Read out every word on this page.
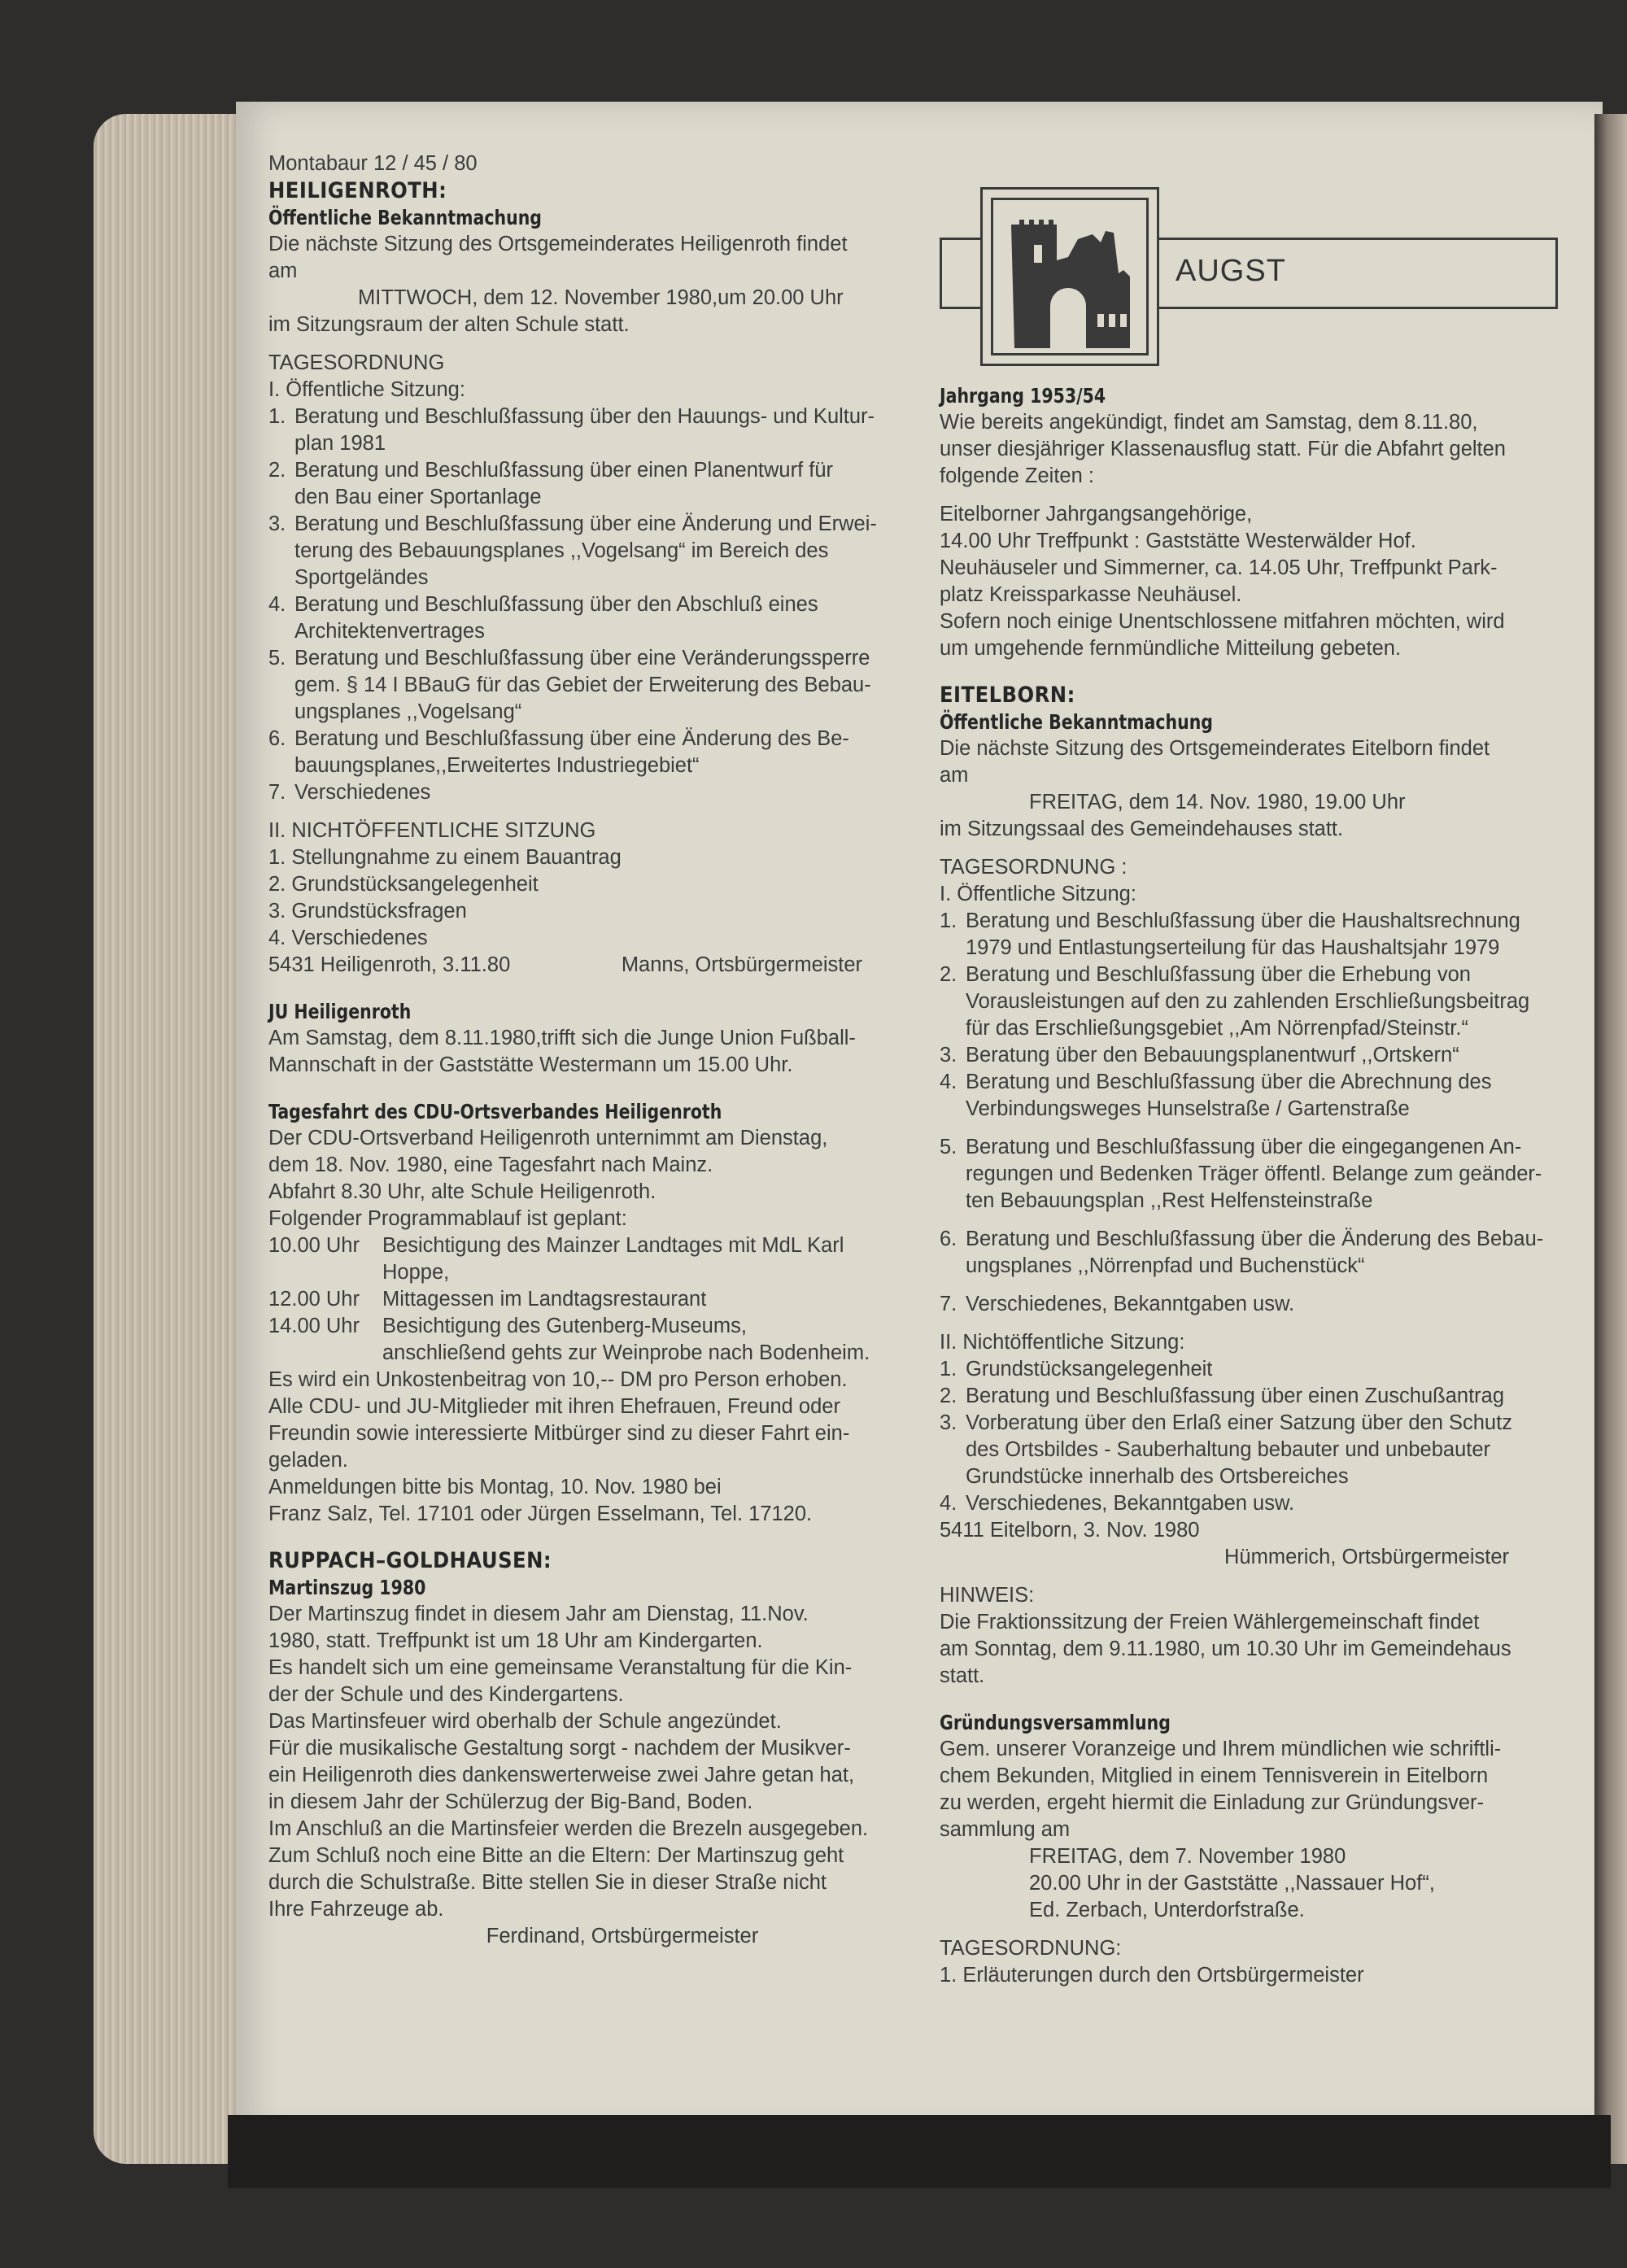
Montabaur 12 / 45 / 80
HEILIGENROTH:
Öffentliche Bekanntmachung
Die nächste Sitzung des Ortsgemeinderates Heiligenroth findet
am
MITTWOCH, dem 12. November 1980,um 20.00 Uhr
im Sitzungsraum der alten Schule statt.
TAGESORDNUNG
I. Öffentliche Sitzung:
1. Beratung und Beschlußfassung über den Hauungs- und Kultur-
plan 1981
2. Beratung und Beschlußfassung über einen Planentwurf für
den Bau einer Sportanlage
3. Beratung und Beschlußfassung über eine Änderung und Erwei-
terung des Bebauungsplanes ,,Vogelsang“ im Bereich des
Sportgeländes
4. Beratung und Beschlußfassung über den Abschluß eines
Architektenvertrages
5. Beratung und Beschlußfassung über eine Veränderungssperre
gem. § 14 I BBauG für das Gebiet der Erweiterung des Bebau-
ungsplanes ,,Vogelsang“
6. Beratung und Beschlußfassung über eine Änderung des Be-
bauungsplanes,,Erweitertes Industriegebiet“
7. Verschiedenes
II. NICHTÖFFENTLICHE SITZUNG
1. Stellungnahme zu einem Bauantrag
2. Grundstücksangelegenheit
3. Grundstücksfragen
4. Verschiedenes
5431 Heiligenroth, 3.11.80	Manns, Ortsbürgermeister
JU Heiligenroth
Am Samstag, dem 8.11.1980,trifft sich die Junge Union Fußball-
Mannschaft in der Gaststätte Westermann um 15.00 Uhr.
Tagesfahrt des CDU-Ortsverbandes Heiligenroth
Der CDU-Ortsverband Heiligenroth unternimmt am Dienstag,
dem 18. Nov. 1980, eine Tagesfahrt nach Mainz.
Abfahrt 8.30 Uhr, alte Schule Heiligenroth.
Folgender Programmablauf ist geplant:
10.00 Uhr	Besichtigung des Mainzer Landtages mit MdL Karl
Hoppe,
12.00 Uhr	Mittagessen im Landtagsrestaurant
14.00 Uhr	Besichtigung des Gutenberg-Museums,
anschließend gehts zur Weinprobe nach Bodenheim.
Es wird ein Unkostenbeitrag von 10,-- DM pro Person erhoben.
Alle CDU- und JU-Mitglieder mit ihren Ehefrauen, Freund oder
Freundin sowie interessierte Mitbürger sind zu dieser Fahrt ein-
geladen.
Anmeldungen bitte bis Montag, 10. Nov. 1980 bei
Franz Salz, Tel. 17101 oder Jürgen Esselmann, Tel. 17120.
RUPPACH–GOLDHAUSEN:
Martinszug 1980
Der Martinszug findet in diesem Jahr am Dienstag, 11.Nov.
1980, statt. Treffpunkt ist um 18 Uhr am Kindergarten.
Es handelt sich um eine gemeinsame Veranstaltung für die Kin-
der der Schule und des Kindergartens.
Das Martinsfeuer wird oberhalb der Schule angezündet.
Für die musikalische Gestaltung sorgt - nachdem der Musikver-
ein Heiligenroth dies dankenswerterweise zwei Jahre getan hat,
in diesem Jahr der Schülerzug der Big-Band, Boden.
Im Anschluß an die Martinsfeier werden die Brezeln ausgegeben.
Zum Schluß noch eine Bitte an die Eltern: Der Martinszug geht
durch die Schulstraße. Bitte stellen Sie in dieser Straße nicht
Ihre Fahrzeuge ab.
Ferdinand, Ortsbürgermeister
AUGST
Jahrgang 1953/54
Wie bereits angekündigt, findet am Samstag, dem 8.11.80,
unser diesjähriger Klassenausflug statt. Für die Abfahrt gelten
folgende Zeiten :
Eitelborner Jahrgangsangehörige,
14.00 Uhr Treffpunkt : Gaststätte Westerwälder Hof.
Neuhäuseler und Simmerner, ca. 14.05 Uhr, Treffpunkt Park-
platz Kreissparkasse Neuhäusel.
Sofern noch einige Unentschlossene mitfahren möchten, wird
um umgehende fernmündliche Mitteilung gebeten.
EITELBORN:
Öffentliche Bekanntmachung
Die nächste Sitzung des Ortsgemeinderates Eitelborn findet
am
FREITAG, dem 14. Nov. 1980, 19.00 Uhr
im Sitzungssaal des Gemeindehauses statt.
TAGESORDNUNG :
I. Öffentliche Sitzung:
1. Beratung und Beschlußfassung über die Haushaltsrechnung
1979 und Entlastungserteilung für das Haushaltsjahr 1979
2. Beratung und Beschlußfassung über die Erhebung von
Vorausleistungen auf den zu zahlenden Erschließungsbeitrag
für das Erschließungsgebiet ,,Am Nörrenpfad/Steinstr.“
3. Beratung über den Bebauungsplanentwurf ,,Ortskern“
4. Beratung und Beschlußfassung über die Abrechnung des
Verbindungsweges Hunselstraße / Gartenstraße
5. Beratung und Beschlußfassung über die eingegangenen An-
regungen und Bedenken Träger öffentl. Belange zum geänder-
ten Bebauungsplan ,,Rest Helfensteinstraße
6. Beratung und Beschlußfassung über die Änderung des Bebau-
ungsplanes ,,Nörrenpfad und Buchenstück“
7. Verschiedenes, Bekanntgaben usw.
II. Nichtöffentliche Sitzung:
1. Grundstücksangelegenheit
2. Beratung und Beschlußfassung über einen Zuschußantrag
3. Vorberatung über den Erlaß einer Satzung über den Schutz
des Ortsbildes - Sauberhaltung bebauter und unbebauter
Grundstücke innerhalb des Ortsbereiches
4. Verschiedenes, Bekanntgaben usw.
5411 Eitelborn, 3. Nov. 1980
Hümmerich, Ortsbürgermeister
HINWEIS:
Die Fraktionssitzung der Freien Wählergemeinschaft findet
am Sonntag, dem 9.11.1980, um 10.30 Uhr im Gemeindehaus
statt.
Gründungsversammlung
Gem. unserer Voranzeige und Ihrem mündlichen wie schriftli-
chem Bekunden, Mitglied in einem Tennisverein in Eitelborn
zu werden, ergeht hiermit die Einladung zur Gründungsver-
sammlung am
FREITAG, dem 7. November 1980
20.00 Uhr in der Gaststätte ,,Nassauer Hof“,
Ed. Zerbach, Unterdorfstraße.
TAGESORDNUNG:
1. Erläuterungen durch den Ortsbürgermeister
